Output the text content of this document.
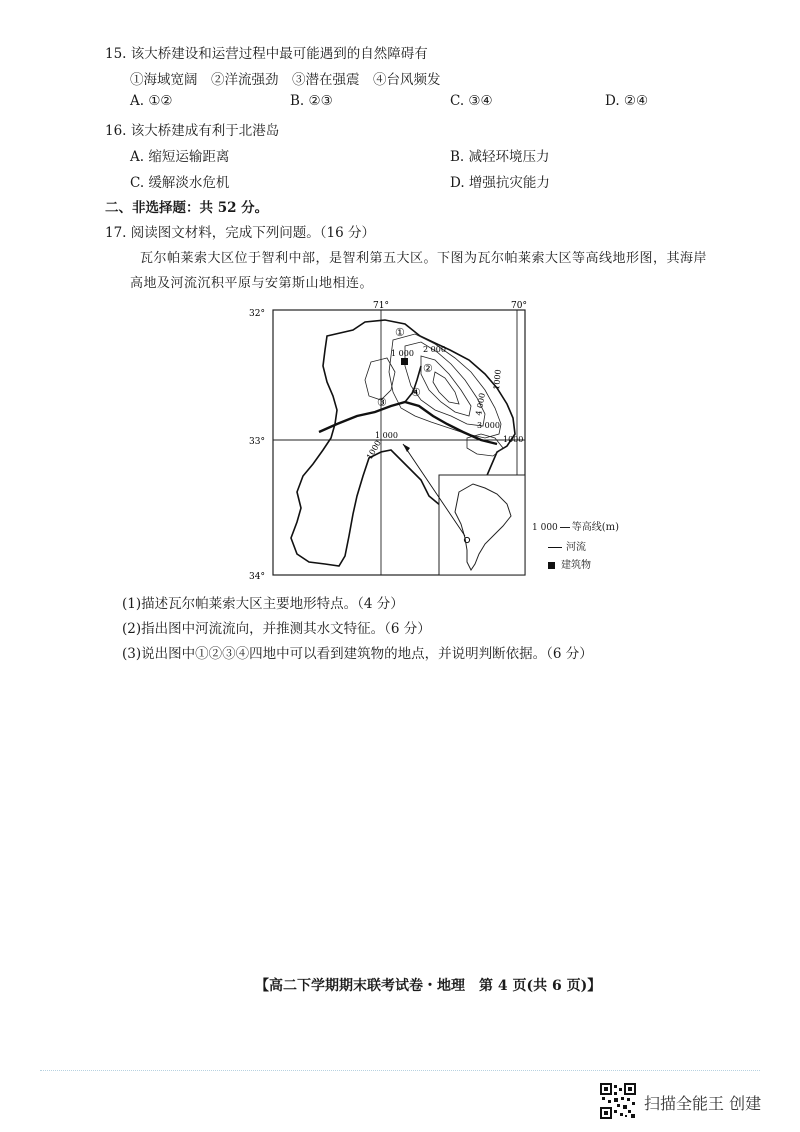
15. 该大桥建设和运营过程中最可能遇到的自然障碍有
①海域宽阔　②洋流强劲　③潜在强震　④台风频发
A. ①②	B. ②③	C. ③④	D. ②④
16. 该大桥建成有利于北港岛
A. 缩短运输距离	B. 减轻环境压力
C. 缓解淡水危机	D. 增强抗灾能力
二、非选择题：共 52 分。
17. 阅读图文材料，完成下列问题。（16 分）
瓦尔帕莱索大区位于智利中部，是智利第五大区。下图为瓦尔帕莱索大区等高线地形图，其海岸
高地及河流沉积平原与安第斯山地相连。
71°	70°
32°
33°
34°
1 000 2 000
1000
3 000
4 000
1000
1 000
1000
①
②
③
④
1 000 等高线(m)
河流
建筑物
(1)描述瓦尔帕莱索大区主要地形特点。（4 分）
(2)指出图中河流流向，并推测其水文特征。（6 分）
(3)说出图中①②③④四地中可以看到建筑物的地点，并说明判断依据。（6 分）
【高二下学期期末联考试卷・地理　第 4 页(共 6 页)】
扫描全能王 创建
